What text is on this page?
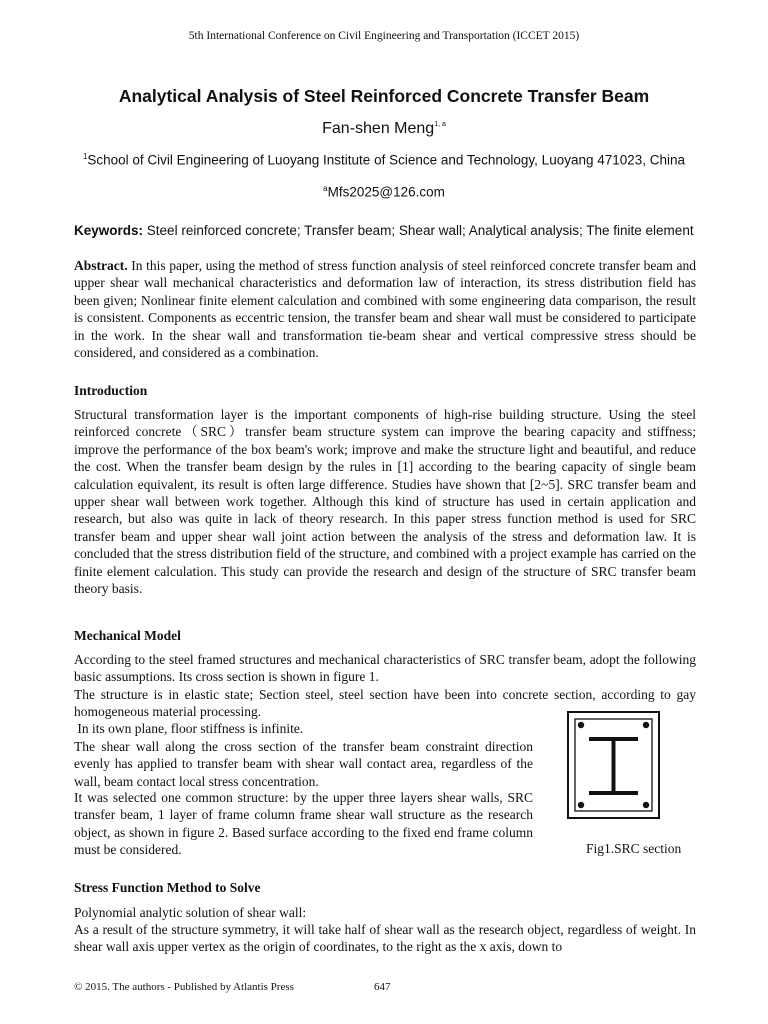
5th International Conference on Civil Engineering and Transportation (ICCET 2015)
Analytical Analysis of Steel Reinforced Concrete Transfer Beam
Fan-shen Meng$^{1, a}$
$^1$School of Civil Engineering of Luoyang Institute of Science and Technology, Luoyang 471023, China
$^a$Mfs2025@126.com
Keywords: Steel reinforced concrete; Transfer beam; Shear wall; Analytical analysis; The finite element

Abstract. In this paper, using the method of stress function analysis of steel reinforced concrete transfer beam and upper shear wall mechanical characteristics and deformation law of interaction, its stress distribution field has been given; Nonlinear finite element calculation and combined with some engineering data comparison, the result is consistent. Components as eccentric tension, the transfer beam and shear wall must be considered to participate in the work. In the shear wall and transformation tie-beam shear and vertical compressive stress should be considered, and considered as a combination.

Introduction

Structural transformation layer is the important components of high-rise building structure. Using the steel reinforced concrete（SRC）transfer beam structure system can improve the bearing capacity and stiffness; improve the performance of the box beam's work; improve and make the structure light and beautiful, and reduce the cost. When the transfer beam design by the rules in [1] according to the bearing capacity of single beam calculation equivalent, its result is often large difference. Studies have shown that [2~5]. SRC transfer beam and upper shear wall between work together. Although this kind of structure has used in certain application and research, but also was quite in lack of theory research. In this paper stress function method is used for SRC transfer beam and upper shear wall joint action between the analysis of the stress and deformation law. It is concluded that the stress distribution field of the structure, and combined with a project example has carried on the finite element calculation. This study can provide the research and design of the structure of SRC transfer beam theory basis.

Mechanical Model

According to the steel framed structures and mechanical characteristics of SRC transfer beam, adopt the following basic assumptions. Its cross section is shown in figure 1.

The structure is in elastic state; Section steel, steel section have been into concrete section, according to gay homogeneous material processing.

In its own plane, floor stiffness is infinite.

The shear wall along the cross section of the transfer beam constraint direction evenly has applied to transfer beam with shear wall contact area, regardless of the wall, beam contact local stress concentration.

It was selected one common structure: by the upper three layers shear walls, SRC transfer beam, 1 layer of frame column frame shear wall structure as the research object, as shown in figure 2. Based surface according to the fixed end frame column must be considered.	Fig1.SRC section
Stress Function Method to Solve

Polynomial analytic solution of shear wall:

As a result of the structure symmetry, it will take half of shear wall as the research object, regardless of weight. In shear wall axis upper vertex as the origin of coordinates, to the right as the x axis, down to

© 2015. The authors - Published by Atlantis Press	647
